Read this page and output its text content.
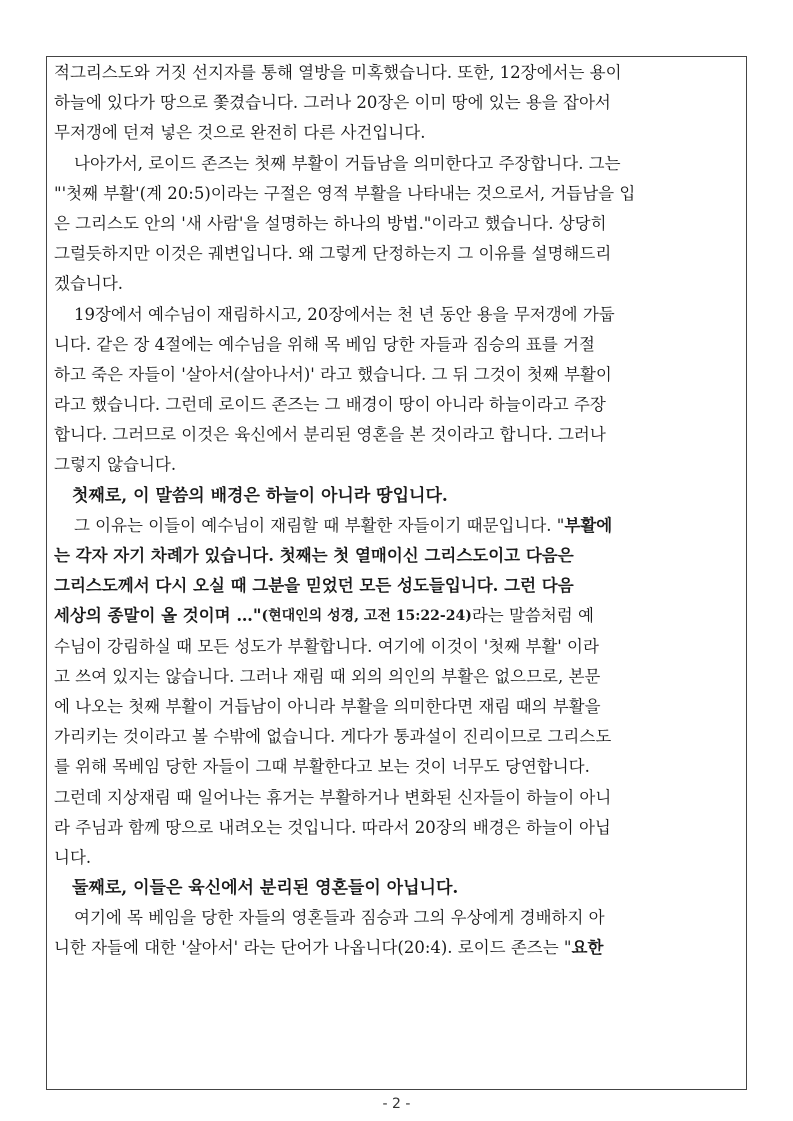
적그리스도와 거짓 선지자를 통해 열방을 미혹했습니다. 또한, 12장에서는 용이
하늘에 있다가 땅으로 쫓겼습니다. 그러나 20장은 이미 땅에 있는 용을 잡아서
무저갱에 던져 넣은 것으로 완전히 다른 사건입니다.
나아가서, 로이드 존즈는 첫째 부활이 거듭남을 의미한다고 주장합니다. 그는
"'첫째 부활'(계 20:5)이라는 구절은 영적 부활을 나타내는 것으로서, 거듭남을 입
은 그리스도 안의 '새 사람'을 설명하는 하나의 방법."이라고 했습니다. 상당히
그럴듯하지만 이것은 궤변입니다. 왜 그렇게 단정하는지 그 이유를 설명해드리
겠습니다.
19장에서 예수님이 재림하시고, 20장에서는 천 년 동안 용을 무저갱에 가둡
니다. 같은 장 4절에는 예수님을 위해 목 베임 당한 자들과 짐승의 표를 거절
하고 죽은 자들이 '살아서(살아나서)' 라고 했습니다. 그 뒤 그것이 첫째 부활이
라고 했습니다. 그런데 로이드 존즈는 그 배경이 땅이 아니라 하늘이라고 주장
합니다. 그러므로 이것은 육신에서 분리된 영혼을 본 것이라고 합니다. 그러나
그렇지 않습니다.
첫째로, 이 말씀의 배경은 하늘이 아니라 땅입니다.
그 이유는 이들이 예수님이 재림할 때 부활한 자들이기 때문입니다. " 부활에
는 각자 자기 차례가 있습니다. 첫째는 첫 열매이신 그리스도이고 다음은
그리스도께서 다시 오실 때 그분을 믿었던 모든 성도들입니다. 그런 다음
세상의 종말이 올 것이며 …" (현대인의 성경, 고전 15:22-24) 라는 말씀처럼 예
수님이 강림하실 때 모든 성도가 부활합니다. 여기에 이것이 '첫째 부활' 이라
고 쓰여 있지는 않습니다. 그러나 재림 때 외의 의인의 부활은 없으므로, 본문
에 나오는 첫째 부활이 거듭남이 아니라 부활을 의미한다면 재림 때의 부활을
가리키는 것이라고 볼 수밖에 없습니다. 게다가 통과설이 진리이므로 그리스도
를 위해 목베임 당한 자들이 그때 부활한다고 보는 것이 너무도 당연합니다.
그런데 지상재림 때 일어나는 휴거는 부활하거나 변화된 신자들이 하늘이 아니
라 주님과 함께 땅으로 내려오는 것입니다. 따라서 20장의 배경은 하늘이 아닙
니다.
둘째로, 이들은 육신에서 분리된 영혼들이 아닙니다.
여기에 목 베임을 당한 자들의 영혼들과 짐승과 그의 우상에게 경배하지 아
니한 자들에 대한 '살아서' 라는 단어가 나옵니다(20:4). 로이드 존즈는 " 요한
- 2 -
